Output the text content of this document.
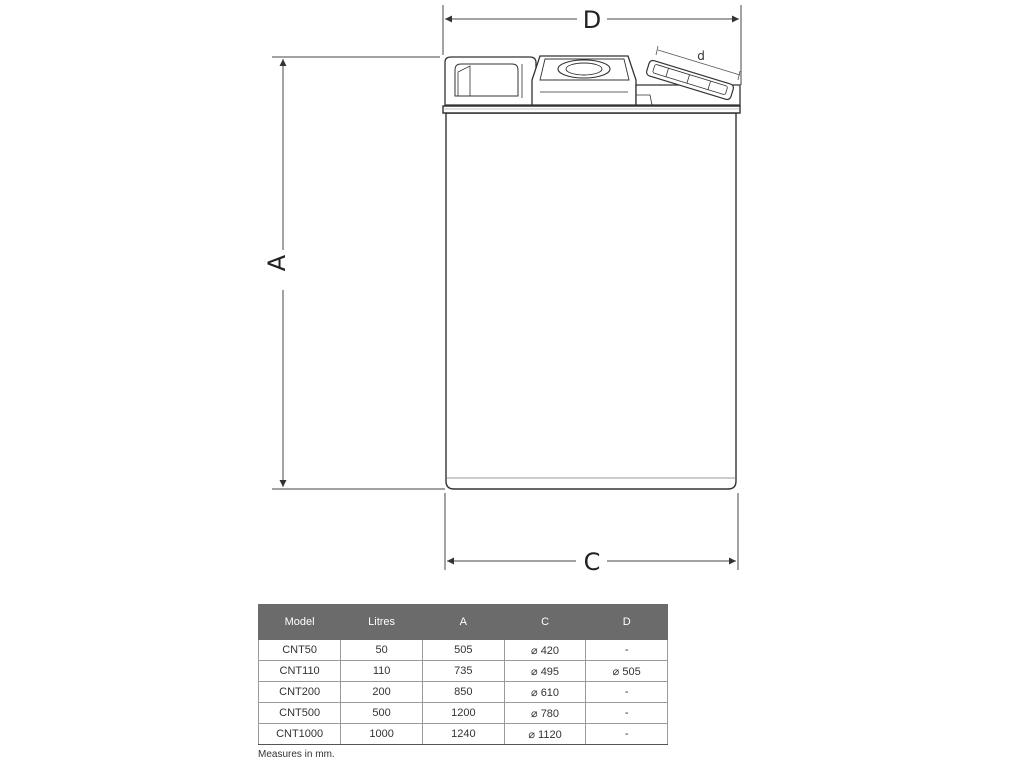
D
A
C
d
Model	Litres	A	C	D
CNT50	50	505	⌀ 420	-
CNT110	110	735	⌀ 495	⌀ 505
CNT200	200	850	⌀ 610	-
CNT500	500	1200	⌀ 780	-
CNT1000	1000	1240	⌀ 1120	-
Measures in mm.
